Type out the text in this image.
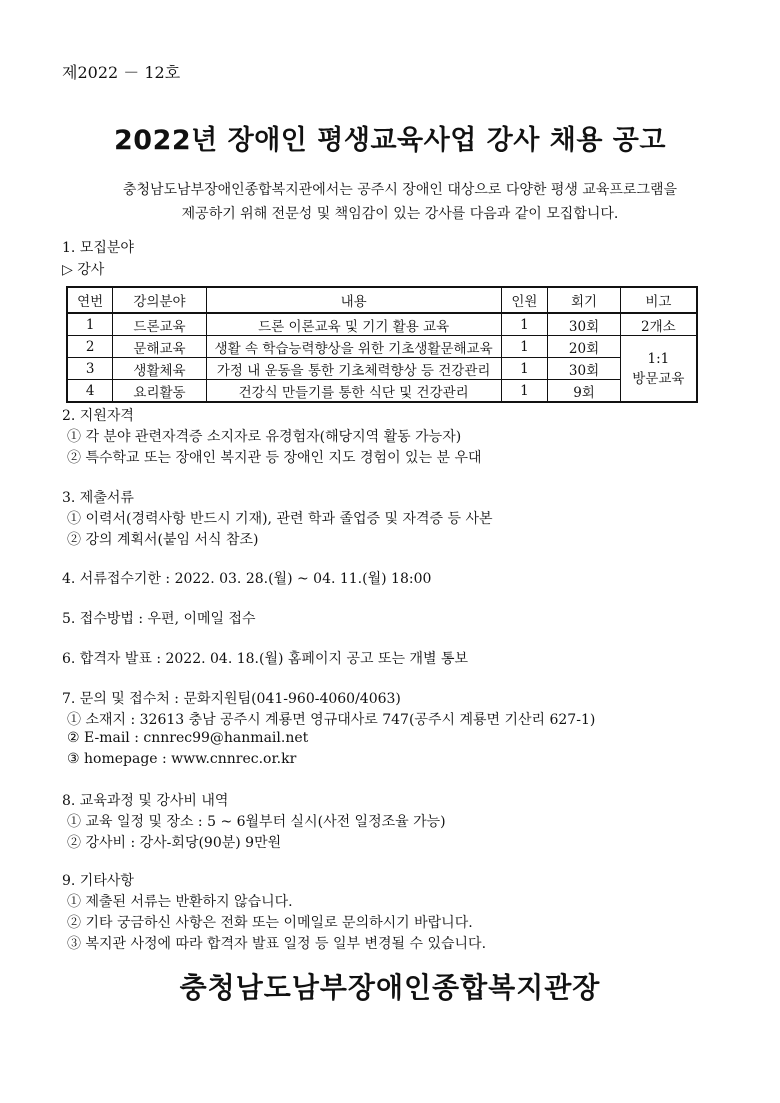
제2022 － 12호
2022년 장애인 평생교육사업 강사 채용 공고
충청남도남부장애인종합복지관에서는 공주시 장애인 대상으로 다양한 평생 교육프로그램을
제공하기 위해 전문성 및 책임감이 있는 강사를 다음과 같이 모집합니다.
1. 모집분야
▷ 강사
연번	강의분야	내용	인원	회기	비고
1	드론교육	드론 이론교육 및 기기 활용 교육	1	30회	2개소
2	문해교육	생활 속 학습능력향상을 위한 기초생활문해교육	1	20회	1:1
방문교육

3	생활체육	가정 내 운동을 통한 기초체력향상 등 건강관리	1	30회	
4	요리활동	건강식 만들기를 통한 식단 및 건강관리	1	9회	
2. 지원자격
① 각 분야 관련자격증 소지자로 유경험자(해당지역 활동 가능자)
② 특수학교 또는 장애인 복지관 등 장애인 지도 경험이 있는 분 우대
3. 제출서류
① 이력서(경력사항 반드시 기재), 관련 학과 졸업증 및 자격증 등 사본
② 강의 계획서(붙임 서식 참조)
4. 서류접수기한 : 2022. 03. 28.(월) ~ 04. 11.(월) 18:00
5. 접수방법 : 우편, 이메일 접수
6. 합격자 발표 : 2022. 04. 18.(월) 홈페이지 공고 또는 개별 통보
7. 문의 및 접수처 : 문화지원팀(041-960-4060/4063)
① 소재지 : 32613 충남 공주시 계룡면 영규대사로 747(공주시 계룡면 기산리 627-1)
② E-mail : cnnrec99@hanmail.net
③ homepage : www.cnnrec.or.kr
8. 교육과정 및 강사비 내역
① 교육 일정 및 장소 : 5 ~ 6월부터 실시(사전 일정조율 가능)
② 강사비 : 강사-회당(90분) 9만원
9. 기타사항
① 제출된 서류는 반환하지 않습니다.
② 기타 궁금하신 사항은 전화 또는 이메일로 문의하시기 바랍니다.
③ 복지관 사정에 따라 합격자 발표 일정 등 일부 변경될 수 있습니다.
충청남도남부장애인종합복지관장
